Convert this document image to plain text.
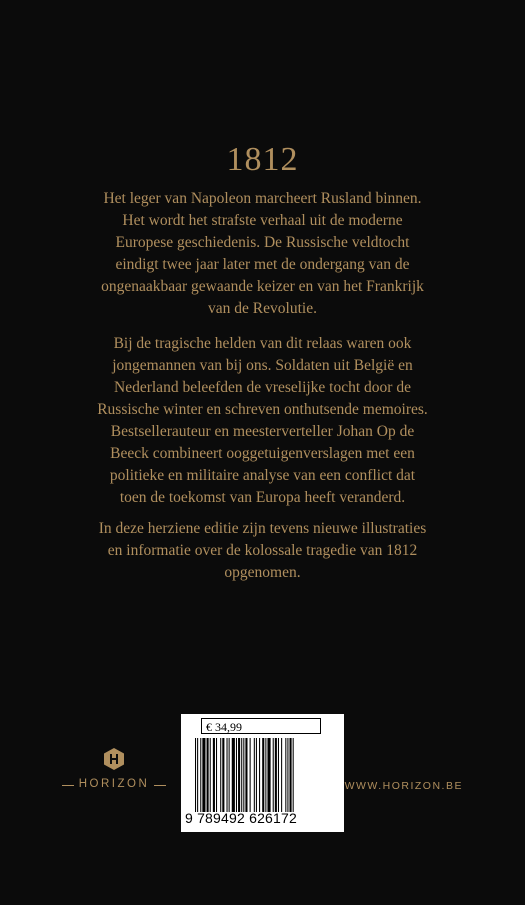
1812

Het leger van Napoleon marcheert Rusland binnen.
Het wordt het strafste verhaal uit de moderne
Europese geschiedenis. De Russische veldtocht
eindigt twee jaar later met de ondergang van de
ongenaakbaar gewaande keizer en van het Frankrijk
van de Revolutie.

Bij de tragische helden van dit relaas waren ook
jongemannen van bij ons. Soldaten uit België en
Nederland beleefden de vreselijke tocht door de
Russische winter en schreven onthutsende memoires.
Bestsellerauteur en meesterverteller Johan Op de
Beeck combineert ooggetuigenverslagen met een
politieke en militaire analyse van een conflict dat
toen de toekomst van Europa heeft veranderd.

In deze herziene editie zijn tevens nieuwe illustraties
en informatie over de kolossale tragedie van 1812
opgenomen.

HORIZON	WWW.HORIZON.BE
€ 34,99
9 789492 626172
